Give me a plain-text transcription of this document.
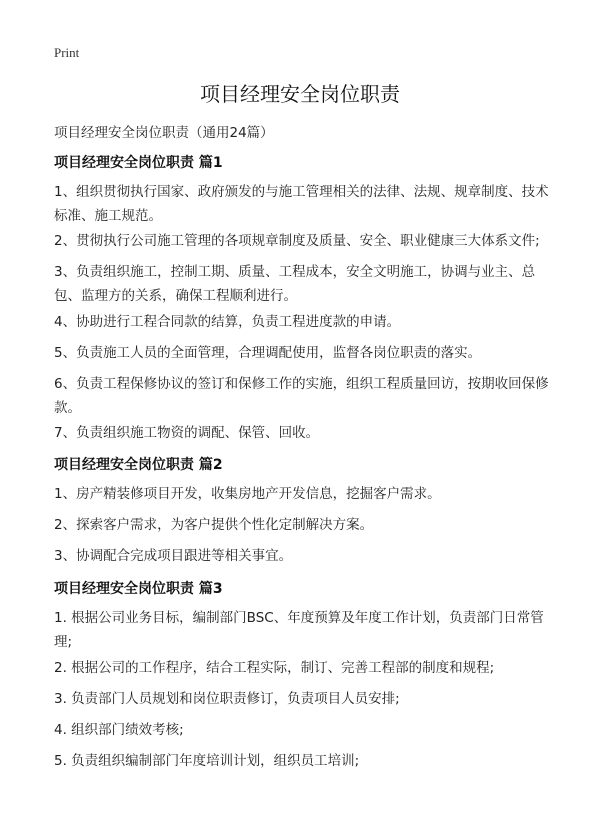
Print
项目经理安全岗位职责
项目经理安全岗位职责（通用24篇）
项目经理安全岗位职责 篇1
1、组织贯彻执行国家、政府颁发的与施工管理相关的法律、法规、规章制度、技术标准、施工规范。
2、贯彻执行公司施工管理的各项规章制度及质量、安全、职业健康三大体系文件;
3、负责组织施工，控制工期、质量、工程成本，安全文明施工，协调与业主、总包、监理方的关系，确保工程顺利进行。
4、协助进行工程合同款的结算，负责工程进度款的申请。
5、负责施工人员的全面管理，合理调配使用，监督各岗位职责的落实。
6、负责工程保修协议的签订和保修工作的实施，组织工程质量回访，按期收回保修款。
7、负责组织施工物资的调配、保管、回收。
项目经理安全岗位职责 篇2
1、房产精装修项目开发，收集房地产开发信息，挖掘客户需求。
2、探索客户需求，为客户提供个性化定制解决方案。
3、协调配合完成项目跟进等相关事宜。
项目经理安全岗位职责 篇3
1. 根据公司业务目标，编制部门BSC、年度预算及年度工作计划，负责部门日常管理;
2. 根据公司的工作程序，结合工程实际，制订、完善工程部的制度和规程;
3. 负责部门人员规划和岗位职责修订，负责项目人员安排;
4. 组织部门绩效考核;
5. 负责组织编制部门年度培训计划，组织员工培训;
